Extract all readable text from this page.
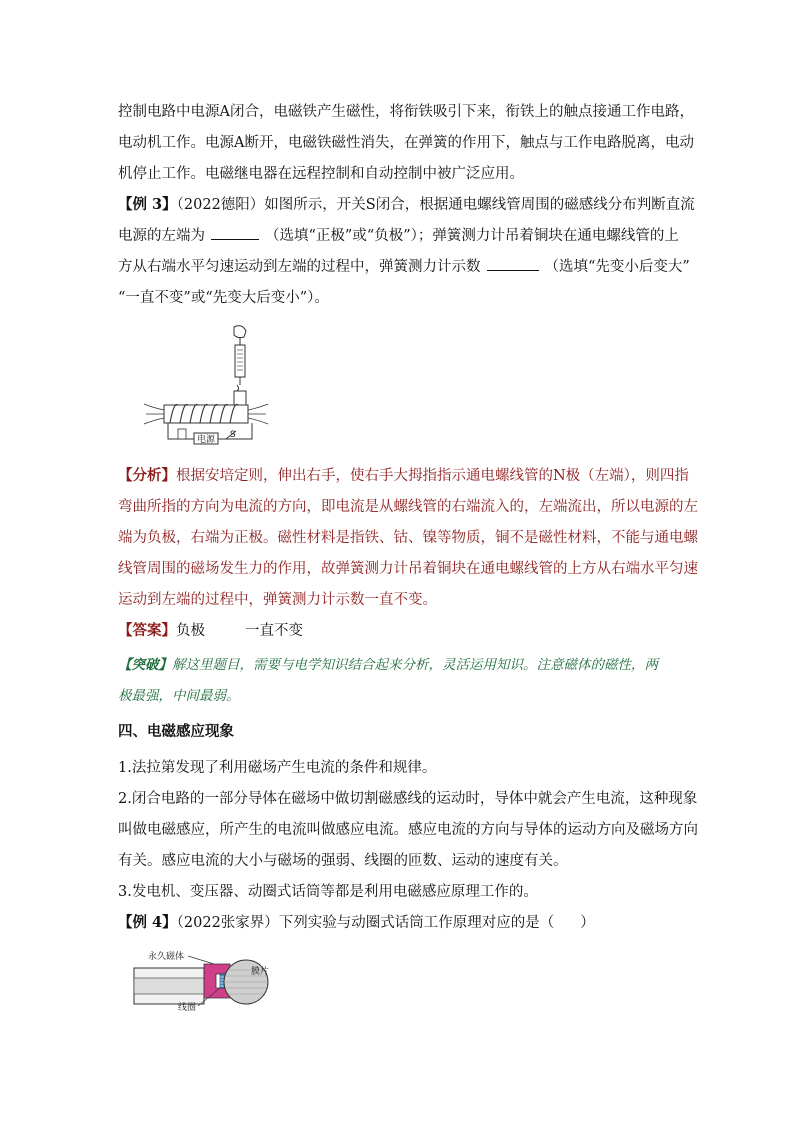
控制电路中电源A闭合，电磁铁产生磁性，将衔铁吸引下来，衔铁上的触点接通工作电路，
电动机工作。电源A断开，电磁铁磁性消失，在弹簧的作用下，触点与工作电路脱离，电动
机停止工作。电磁继电器在远程控制和自动控制中被广泛应用。
【例 3】（2022德阳）如图所示，开关S闭合，根据通电螺线管周围的磁感线分布判断直流
电源的左端为	（选填“正极”或“负极”）；弹簧测力计吊着铜块在通电螺线管的上
方从右端水平匀速运动到左端的过程中，弹簧测力计示数	（选填“先变小后变大”
“一直不变”或“先变大后变小”）。
电源 S
【分析】根据安培定则，伸出右手，使右手大拇指指示通电螺线管的N极（左端），则四指
弯曲所指的方向为电流的方向，即电流是从螺线管的右端流入的，左端流出，所以电源的左
端为负极，右端为正极。磁性材料是指铁、钴、镍等物质，铜不是磁性材料，不能与通电螺
线管周围的磁场发生力的作用，故弹簧测力计吊着铜块在通电螺线管的上方从右端水平匀速
运动到左端的过程中，弹簧测力计示数一直不变。
【答案】负极	一直不变
【突破】解这里题目，需要与电学知识结合起来分析，灵活运用知识。注意磁体的磁性，两
极最强，中间最弱。
四、电磁感应现象
1.法拉第发现了利用磁场产生电流的条件和规律。
2.闭合电路的一部分导体在磁场中做切割磁感线的运动时，导体中就会产生电流，这种现象
叫做电磁感应，所产生的电流叫做感应电流。感应电流的方向与导体的运动方向及磁场方向
有关。感应电流的大小与磁场的强弱、线圈的匝数、运动的速度有关。
3.发电机、变压器、动圈式话筒等都是利用电磁感应原理工作的。
【例 4】（2022张家界）下列实验与动圈式话筒工作原理对应的是（ ）
永久磁体
膜片
线圈
